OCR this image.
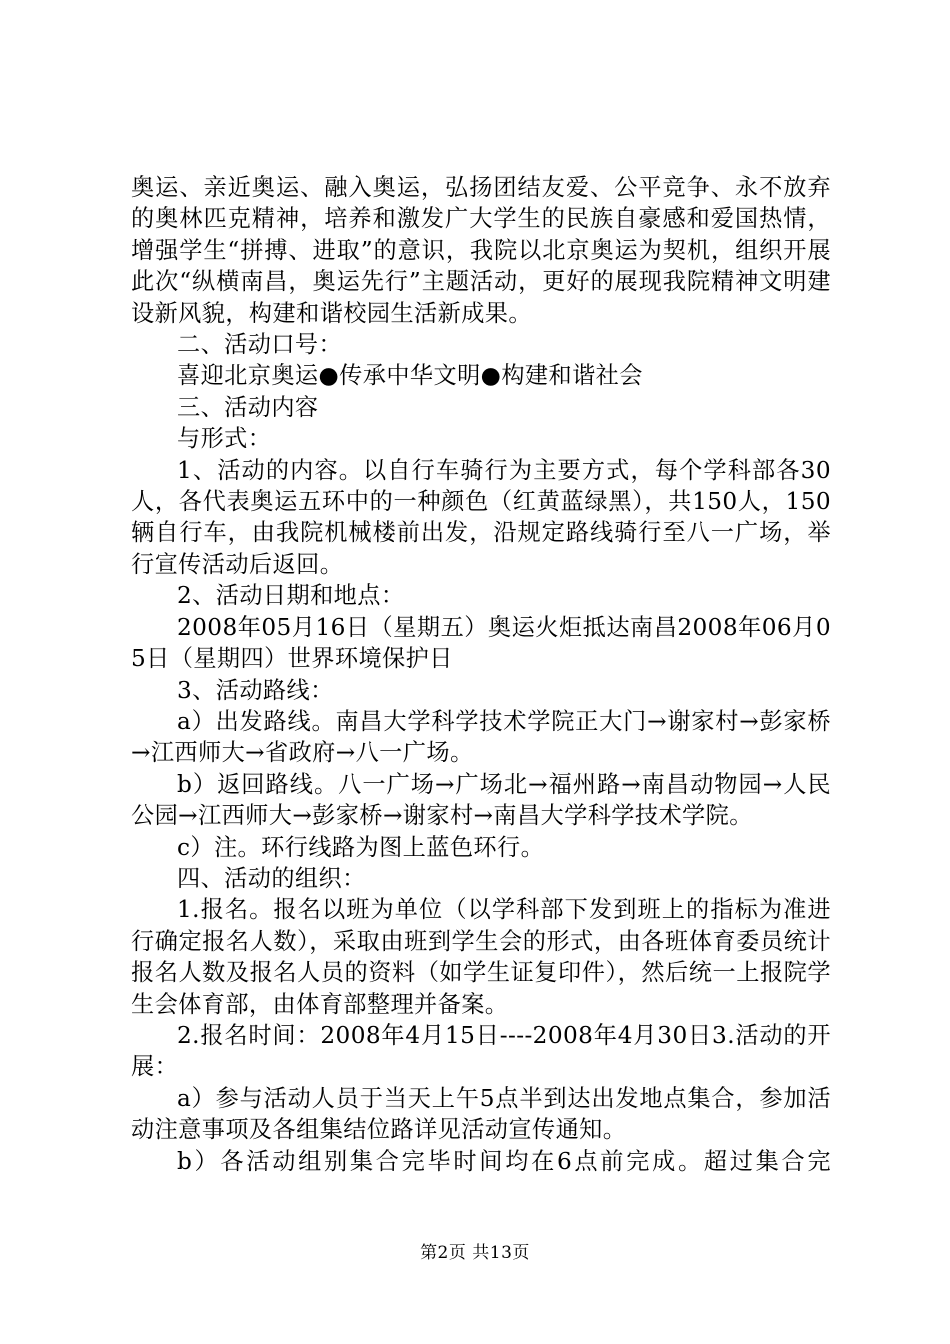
奥运、亲近奥运、融入奥运，弘扬团结友爱、公平竞争、永不放弃的奥林匹克精神，培养和激发广大学生的民族自豪感和爱国热情，增强学生“拼搏、进取”的意识，我院以北京奥运为契机，组织开展此次“纵横南昌，奥运先行”主题活动，更好的展现我院精神文明建设新风貌，构建和谐校园生活新成果。

二、活动口号：

喜迎北京奥运●传承中华文明●构建和谐社会

三、活动内容

与形式：

1、活动的内容。以自行车骑行为主要方式，每个学科部各30人，各代表奥运五环中的一种颜色（红黄蓝绿黑），共150人，150辆自行车，由我院机械楼前出发，沿规定路线骑行至八一广场，举行宣传活动后返回。

2、活动日期和地点：

2008年05月16日（星期五）奥运火炬抵达南昌2008年06月05日（星期四）世界环境保护日

3、活动路线：

a）出发路线。南昌大学科学技术学院正大门→谢家村→彭家桥→江西师大→省政府→八一广场。

b）返回路线。八一广场→广场北→福州路→南昌动物园→人民公园→江西师大→彭家桥→谢家村→南昌大学科学技术学院。

c）注。环行线路为图上蓝色环行。

四、活动的组织：

1.报名。报名以班为单位（以学科部下发到班上的指标为准进行确定报名人数），采取由班到学生会的形式，由各班体育委员统计报名人数及报名人员的资料（如学生证复印件），然后统一上报院学生会体育部，由体育部整理并备案。

2.报名时间：2008年4月15日----2008年4月30日3.活动的开展：

a）参与活动人员于当天上午5点半到达出发地点集合，参加活动注意事项及各组集结位路详见活动宣传通知。

b）各活动组别集合完毕时间均在6点前完成。超过集合完

第2页 共13页
